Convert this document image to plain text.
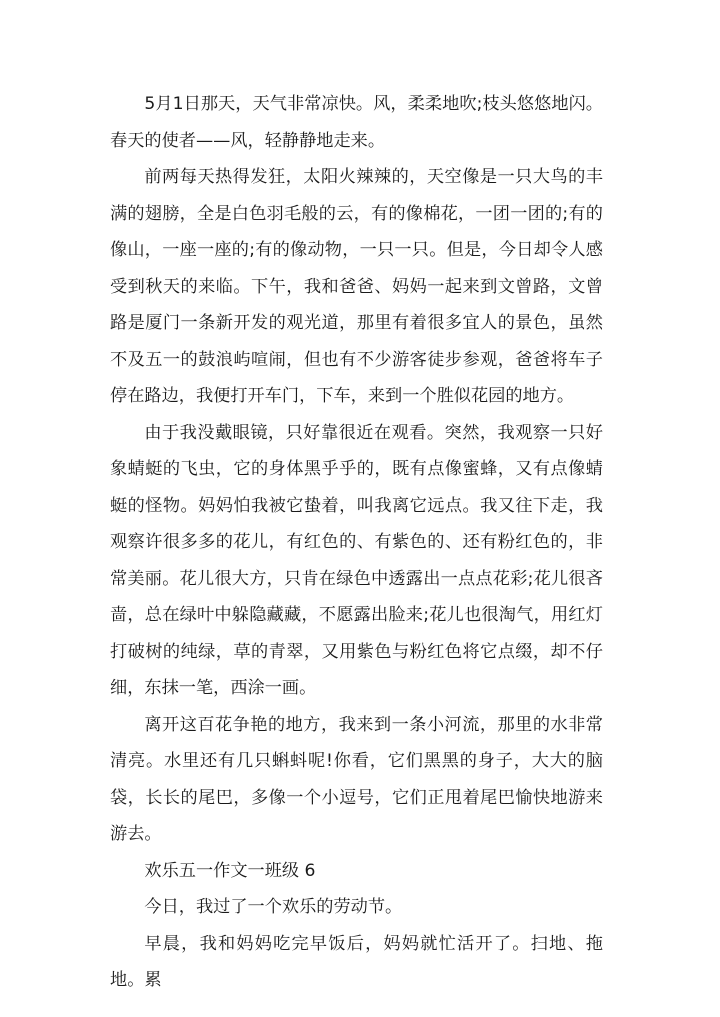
5月1日那天，天气非常凉快。风，柔柔地吹;枝头悠悠地闪。春天的使者——风，轻静静地走来。

前两每天热得发狂，太阳火辣辣的，天空像是一只大鸟的丰满的翅膀，全是白色羽毛般的云，有的像棉花，一团一团的;有的像山，一座一座的;有的像动物，一只一只。但是，今日却令人感受到秋天的来临。下午，我和爸爸、妈妈一起来到文曾路，文曾路是厦门一条新开发的观光道，那里有着很多宜人的景色，虽然不及五一的鼓浪屿喧闹，但也有不少游客徒步参观，爸爸将车子停在路边，我便打开车门，下车，来到一个胜似花园的地方。

由于我没戴眼镜，只好靠很近在观看。突然，我观察一只好象蜻蜓的飞虫，它的身体黑乎乎的，既有点像蜜蜂，又有点像蜻蜓的怪物。妈妈怕我被它蛰着，叫我离它远点。我又往下走，我观察许很多多的花儿，有红色的、有紫色的、还有粉红色的，非常美丽。花儿很大方，只肯在绿色中透露出一点点花彩;花儿很吝啬，总在绿叶中躲隐藏藏，不愿露出脸来;花儿也很淘气，用红灯打破树的纯绿，草的青翠，又用紫色与粉红色将它点缀，却不仔细，东抹一笔，西涂一画。

离开这百花争艳的地方，我来到一条小河流，那里的水非常清亮。水里还有几只蝌蚪呢!你看，它们黑黑的身子，大大的脑袋，长长的尾巴，多像一个小逗号，它们正甩着尾巴愉快地游来游去。

欢乐五一作文一班级 6

今日，我过了一个欢乐的劳动节。

早晨，我和妈妈吃完早饭后，妈妈就忙活开了。扫地、拖地。累
